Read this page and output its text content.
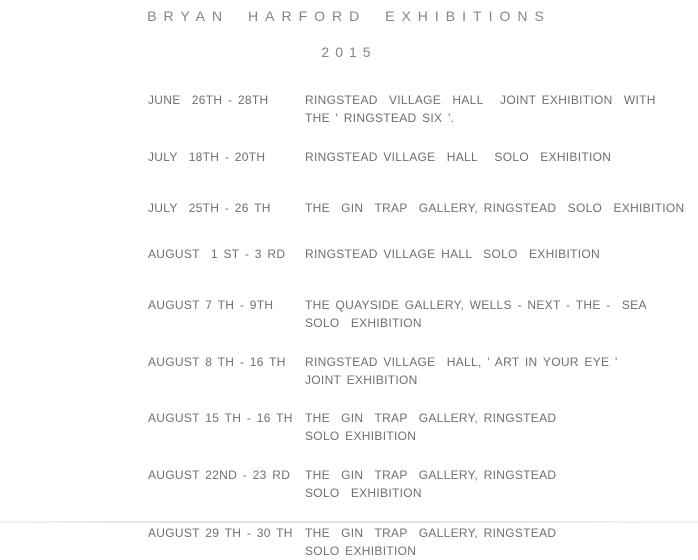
BRYAN HARFORD EXHIBITIONS
2015
JUNE  26TH - 28TH	RINGSTEAD  VILLAGE  HALL   JOINT EXHIBITION  WITH
THE ' RINGSTEAD SIX '.
JULY  18TH - 20TH	RINGSTEAD VILLAGE  HALL   SOLO  EXHIBITION
JULY  25TH - 26 TH	THE  GIN  TRAP  GALLERY, RINGSTEAD  SOLO  EXHIBITION
AUGUST  1 ST - 3 RD	RINGSTEAD VILLAGE HALL  SOLO  EXHIBITION
AUGUST 7 TH - 9TH	THE QUAYSIDE GALLERY, WELLS - NEXT - THE -  SEA
SOLO  EXHIBITION
AUGUST 8 TH - 16 TH	RINGSTEAD VILLAGE  HALL, ' ART IN YOUR EYE '
JOINT EXHIBITION
AUGUST 15 TH - 16 TH	THE  GIN  TRAP  GALLERY, RINGSTEAD
SOLO EXHIBITION
AUGUST 22ND - 23 RD	THE  GIN  TRAP  GALLERY, RINGSTEAD
SOLO  EXHIBITION
AUGUST 29 TH - 30 TH	THE  GIN  TRAP  GALLERY, RINGSTEAD
SOLO EXHIBITION
